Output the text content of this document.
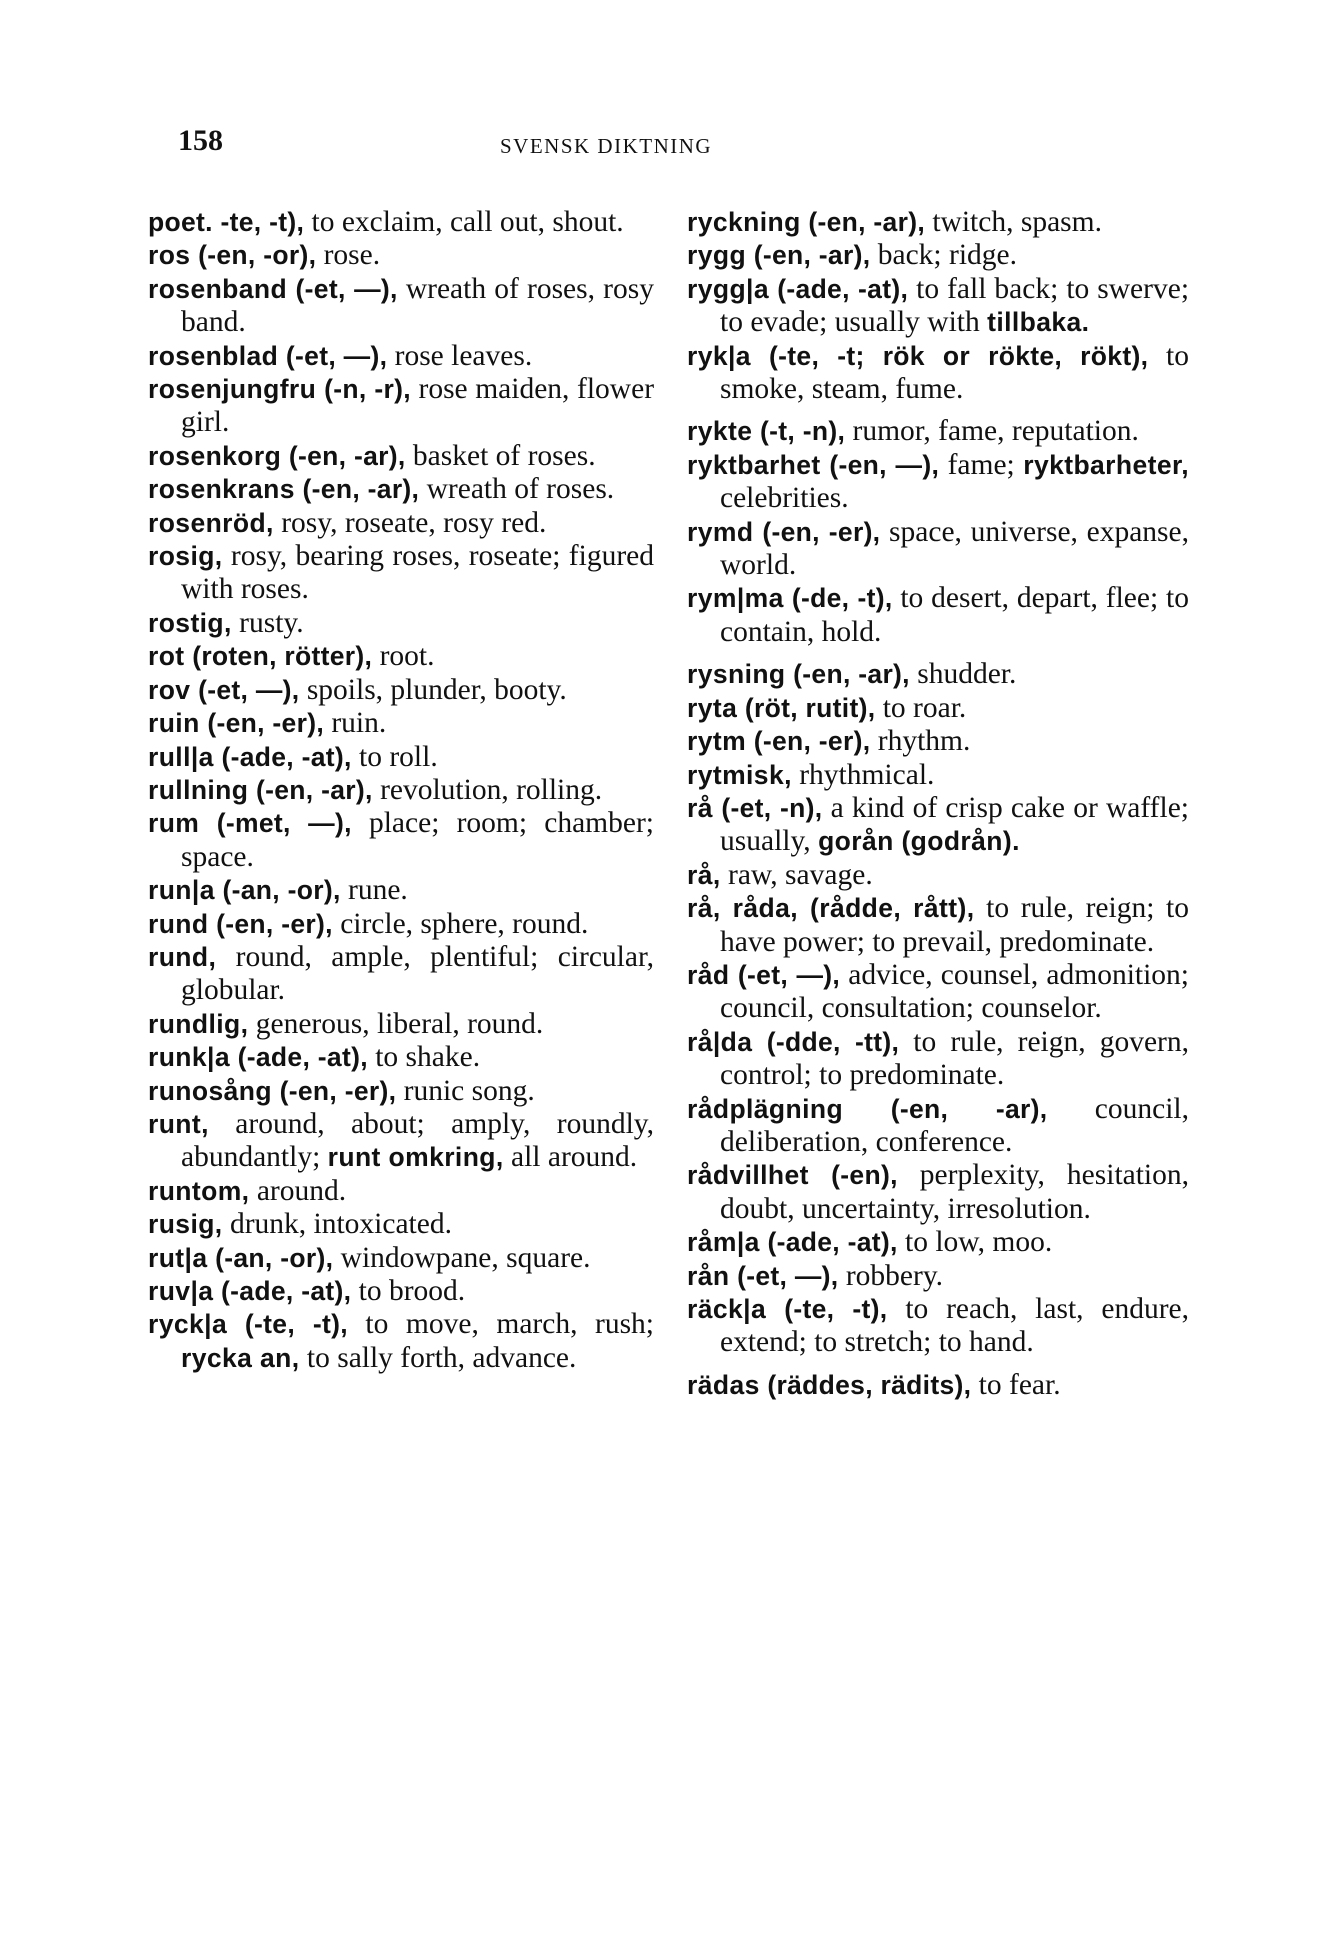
158	SVENSK DIKTNING

poet. -te, -t), to exclaim, call out, shout.

ros (-en, -or), rose.

rosenband (-et, —), wreath of roses, rosy band.

rosenblad (-et, —), rose leaves.

rosenjungfru (-n, -r), rose maiden, flower girl.

rosenkorg (-en, -ar), basket of roses.

rosenkrans (-en, -ar), wreath of roses.

rosenröd, rosy, roseate, rosy red.

rosig, rosy, bearing roses, roseate; figured with roses.

rostig, rusty.

rot (roten, rötter), root.

rov (-et, —), spoils, plunder, booty.

ruin (-en, -er), ruin.

rull|a (-ade, -at), to roll.

rullning (-en, -ar), revolution, rolling.

rum (-met, —), place; room; chamber; space.

run|a (-an, -or), rune.

rund (-en, -er), circle, sphere, round.

rund, round, ample, plentiful; circular, globular.

rundlig, generous, liberal, round.

runk|a (-ade, -at), to shake.

runosång (-en, -er), runic song.

runt, around, about; amply, roundly, abundantly; runt omkring, all around.

runtom, around.

rusig, drunk, intoxicated.

rut|a (-an, -or), windowpane, square.

ruv|a (-ade, -at), to brood.

ryck|a (-te, -t), to move, march, rush; rycka an, to sally forth, advance.

ryckning (-en, -ar), twitch, spasm.

rygg (-en, -ar), back; ridge.

rygg|a (-ade, -at), to fall back; to swerve; to evade; usually with tillbaka.

ryk|a (-te, -t; rök or rökte, rökt), to smoke, steam, fume.

rykte (-t, -n), rumor, fame, reputation.

ryktbarhet (-en, —), fame; ryktbarheter, celebrities.

rymd (-en, -er), space, universe, expanse, world.

rym|ma (-de, -t), to desert, depart, flee; to contain, hold.

rysning (-en, -ar), shudder.

ryta (röt, rutit), to roar.

rytm (-en, -er), rhythm.

rytmisk, rhythmical.

rå (-et, -n), a kind of crisp cake or waffle; usually, gorån (godrån).

rå, raw, savage.

rå, råda, (rådde, rått), to rule, reign; to have power; to prevail, predominate.

råd (-et, —), advice, counsel, admonition; council, consultation; counselor.

rå|da (-dde, -tt), to rule, reign, govern, control; to predominate.

rådplägning (-en, -ar), council, deliberation, conference.

rådvillhet (-en), perplexity, hesitation, doubt, uncertainty, irresolution.

råm|a (-ade, -at), to low, moo.

rån (-et, —), robbery.

räck|a (-te, -t), to reach, last, endure, extend; to stretch; to hand.

rädas (räddes, rädits), to fear.
